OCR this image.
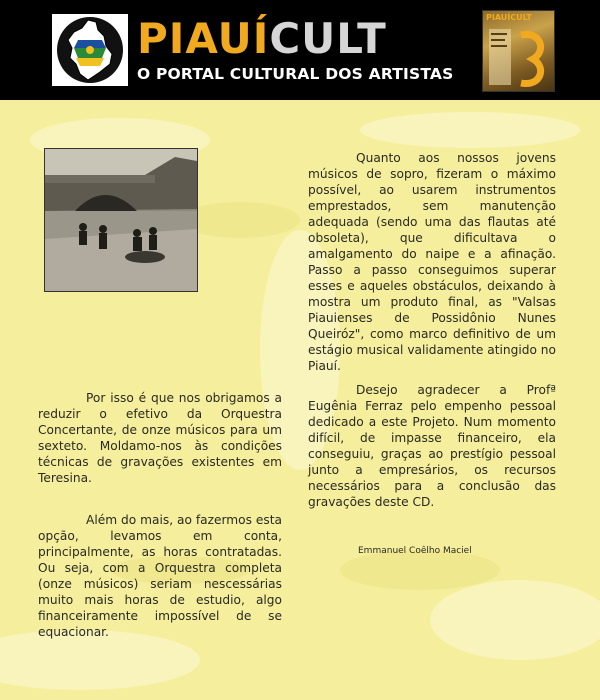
PIAUÍ CULT
O PORTAL CULTURAL DOS ARTISTAS
PIAUÍCULT

Quanto aos nossos jovens músicos de sopro, fizeram o máximo possível, ao usarem instrumentos emprestados, sem manutenção adequada (sendo uma das flautas até obsoleta), que dificultava o amalgamento do naipe e a afinação. Passo a passo conseguimos superar esses e aqueles obstáculos, deixando à mostra um produto final, as "Valsas Piauienses de Possidônio Nunes Queiróz", como marco definitivo de um estágio musical validamente atingido no Piauí.

Desejo agradecer a Profª Eugênia Ferraz pelo empenho pessoal dedicado a este Projeto. Num momento difícil, de impasse financeiro, ela conseguiu, graças ao prestígio pessoal junto a empresários, os recursos necessários para a conclusão das gravações deste CD.

Por isso é que nos obrigamos a reduzir o efetivo da Orquestra Concertante, de onze músicos para um sexteto. Moldamo-nos às condições técnicas de gravações existentes em Teresina.

Além do mais, ao fazermos esta opção, levamos em conta, principalmente, as horas contratadas. Ou seja, com a Orquestra completa (onze músicos) seriam nescessárias muito mais horas de estudio, algo financeiramente impossível de se equacionar.

Emmanuel Coêlho Maciel
